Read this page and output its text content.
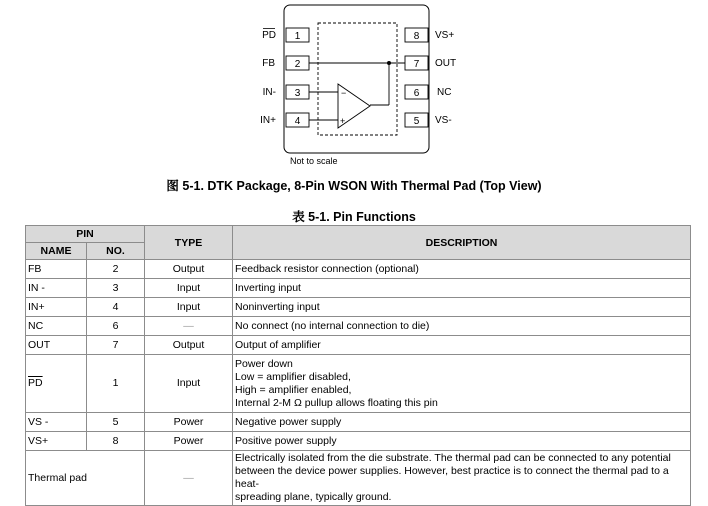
1
PD
2
FB
3
IN-
4
IN+
8 VS+
7 OUT
6 NC
5 VS-
−
+
Not to scale
图 5-1. DTK Package, 8-Pin WSON With Thermal Pad (Top View)
表 5-1. Pin Functions
PIN		TYPE	DESCRIPTION
NAME	NO.		
FB	2	Output	Feedback resistor connection (optional)
IN -	3	Input	Inverting input
IN+	4	Input	Noninverting input
NC	6	—	No connect (no internal connection to die)
OUT	7	Output	Output of amplifier
$\overline{PD}$	1	Input	Power down
Low = amplifier disabled,
High = amplifier enabled,
Internal 2-M Ω pullup allows floating this pin

VS -	5	Power	Negative power supply
VS+	8	Power	Positive power supply
Thermal pad		—	Electrically isolated from the die substrate. The thermal pad can be connected to any potential
between the device power supplies. However, best practice is to connect the thermal pad to a heat-
spreading plane, typically ground.
